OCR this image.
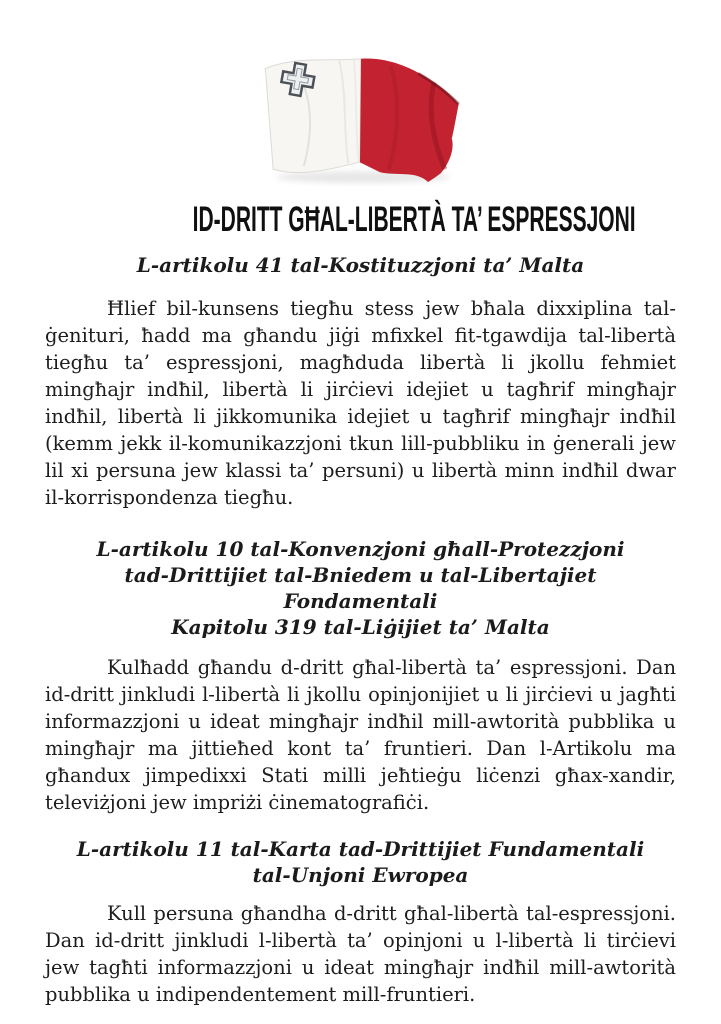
ID-DRITT GĦAL-LIBERTÀ TA’ ESPRESSJONI
L-artikolu 41 tal-Kostituzzjoni ta’ Malta

Ħlief bil-kunsens tiegħu stess jew bħala dixxiplina tal-ġenituri, ħadd ma għandu jiġi mfixkel fit-tgawdija tal-libertà tiegħu ta’ espressjoni, magħduda libertà li jkollu fehmiet mingħajr indħil, libertà li jirċievi idejiet u tagħrif mingħajr indħil, libertà li jikkomunika idejiet u tagħrif mingħajr indħil (kemm jekk il-komunikazzjoni tkun lill-pubbliku in ġenerali jew lil xi persuna jew klassi ta’ persuni) u libertà minn indħil dwar il-korrispondenza tiegħu.

L-artikolu 10 tal-Konvenzjoni għall-Protezzjoni
tad-Drittijiet tal-Bniedem u tal-Libertajiet Fondamentali
Kapitolu 319 tal-Liġijiet ta’ Malta

Kulħadd għandu d-dritt għal-libertà ta’ espressjoni. Dan id-dritt jinkludi l-libertà li jkollu opinjonijiet u li jirċievi u jagħti informazzjoni u ideat mingħajr indħil mill-awtorità pubblika u mingħajr ma jittieħed kont ta’ fruntieri. Dan l-Artikolu ma għandux jimpedixxi Stati milli jeħtieġu liċenzi għax-xandir, televiżjoni jew impriżi ċinematografiċi.

L-artikolu 11 tal-Karta tad-Drittijiet Fundamentali
tal-Unjoni Ewropea

Kull persuna għandha d-dritt għal-libertà tal-espressjoni. Dan id-dritt jinkludi l-libertà ta’ opinjoni u l-libertà li tirċievi jew tagħti informazzjoni u ideat mingħajr indħil mill-awtorità pubblika u indipendentement mill-fruntieri.
